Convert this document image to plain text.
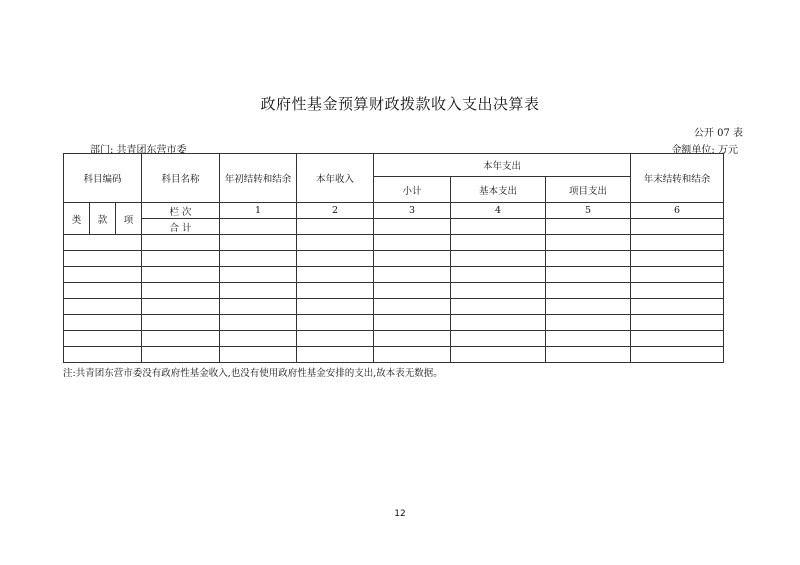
政府性基金预算财政拨款收入支出决算表
公开 07 表
部门: 共青团东营市委	金额单位: 万元
科目编码			科目名称	年初结转和结余	本年收入	本年支出			年末结转和结余
						小计	基本支出	项目支出	
类	款	项	栏 次	1	2	3	4	5	6
			合 计						

注:共青团东营市委没有政府性基金收入,也没有使用政府性基金安排的支出,故本表无数据。
12
